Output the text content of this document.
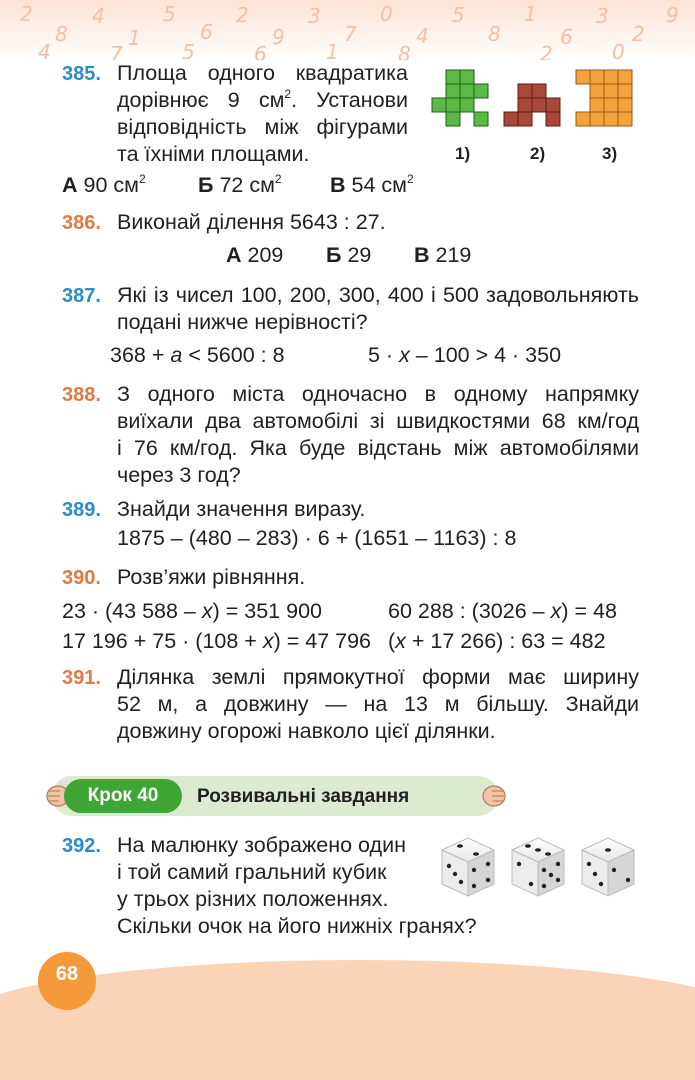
2
8
4
1
5
6
2
9
3
7
0
4
5
8
1
6
3
2
9
4	7	5	6	1	8	2	0
385. Площа одного квадратика
дорівнює 9 $см^2$. Установи
відповідність між фігурами
та їхніми площами.	1)	2)	3)
А 90 $см^2$ Б 72 $см^2$ В 54 $см^2$
386. Виконай ділення 5643 : 27.
А 209 Б 29 В 219
387. Які із чисел 100, 200, 300, 400 і 500 задовольняють
подані нижче нерівності?
368 + а < 5600 : 8	5 · х – 100 > 4 · 350
388. З одного міста одночасно в одному напрямку
виїхали два автомобілі зі швидкостями 68 км/год
і 76 км/год. Яка буде відстань між автомобілями
через 3 год?
389. Знайди значення виразу.
1875 – (480 – 283) · 6 + (1651 – 1163) : 8
390. Розв’яжи рівняння.
23 · (43 588 – x) = 351 900	60 288 : (3026 – x) = 48
17 196 + 75 · (108 + x) = 47 796 (x + 17 266) : 63 = 482
391. Ділянка землі прямокутної форми має ширину
52 м, а довжину — на 13 м більшу. Знайди
довжину огорожі навколо цієї ділянки.
Крок 40	Розвивальні завдання
392. На малюнку зображено один
і той самий гральний кубик
у трьох різних положеннях.
Скільки очок на його нижніх гранях?
68
